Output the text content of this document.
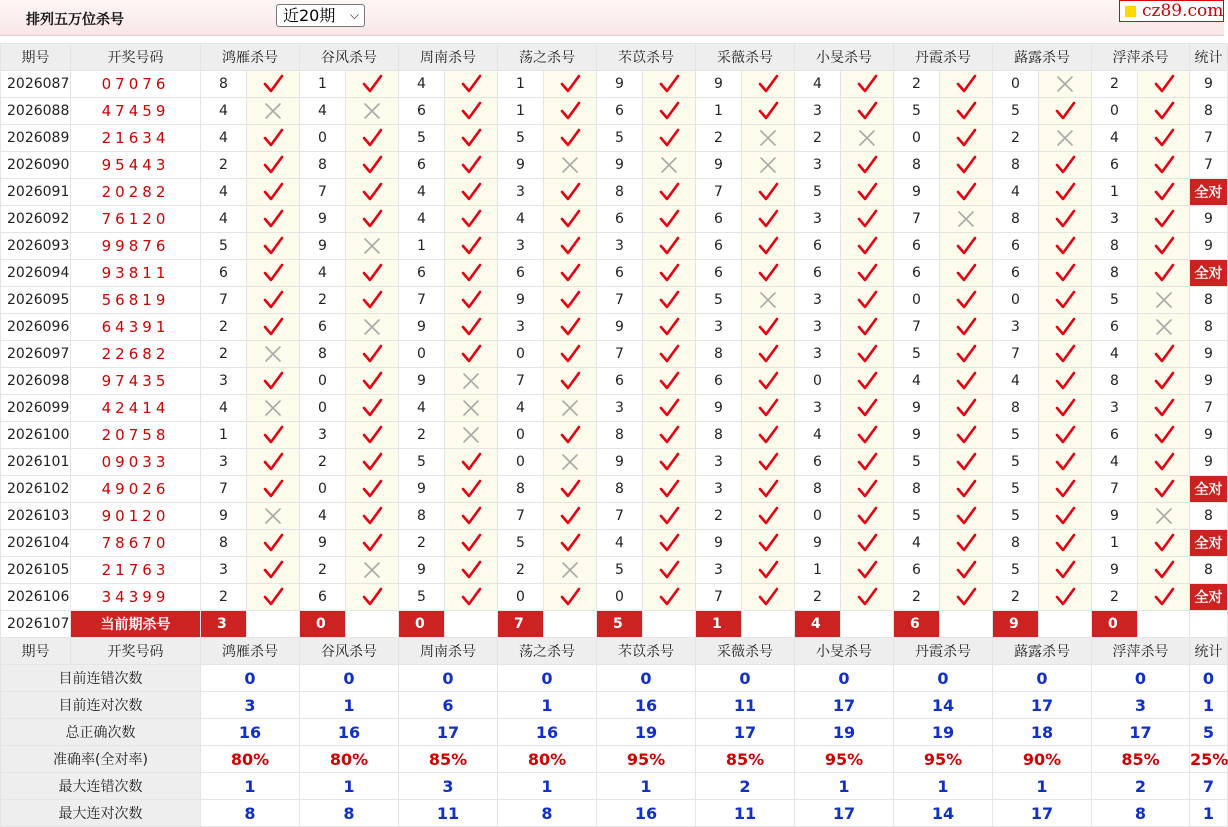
排列五万位杀号	近20期 ⌵	cz89.com
期号	开奖号码	鸿雁杀号		谷风杀号		周南杀号		荡之杀号		芣苡杀号		采薇杀号		小旻杀号		丹霞杀号		蕗露杀号		浮萍杀号		统计
2026087	07076	8		1		4		1		9		9		4		2		0		2		9
2026088	47459	4		4		6		1		6		1		3		5		5		0		8
2026089	21634	4		0		5		5		5		2		2		0		2		4		7
2026090	95443	2		8		6		9		9		9		3		8		8		6		7
2026091	20282	4		7		4		3		8		7		5		9		4		1		全对
2026092	76120	4		9		4		4		6		6		3		7		8		3		9
2026093	99876	5		9		1		3		3		6		6		6		6		8		9
2026094	93811	6		4		6		6		6		6		6		6		6		8		全对
2026095	56819	7		2		7		9		7		5		3		0		0		5		8
2026096	64391	2		6		9		3		9		3		3		7		3		6		8
2026097	22682	2		8		0		0		7		8		3		5		7		4		9
2026098	97435	3		0		9		7		6		6		0		4		4		8		9
2026099	42414	4		0		4		4		3		9		3		9		8		3		7
2026100	20758	1		3		2		0		8		8		4		9		5		6		9
2026101	09033	3		2		5		0		9		3		6		5		5		4		9
2026102	49026	7		0		9		8		8		3		8		8		5		7		全对
2026103	90120	9		4		8		7		7		2		0		5		5		9		8
2026104	78670	8		9		2		5		4		9		9		4		8		1		全对
2026105	21763	3		2		9		2		5		3		1		6		5		9		8
2026106	34399	2		6		5		0		0		7		2		2		2		2		全对
2026107	当前期杀号	3		0		0		7		5		1		4		6		9		0		
期号	开奖号码	鸿雁杀号		谷风杀号		周南杀号		荡之杀号		芣苡杀号		采薇杀号		小旻杀号		丹霞杀号		蕗露杀号		浮萍杀号		统计
目前连错次数		0		0		0		0		0		0		0		0		0		0		0
目前连对次数		3		1		6		1		16		11		17		14		17		3		1
总正确次数		16		16		17		16		19		17		19		19		18		17		5
准确率(全对率)		80%		80%		85%		80%		95%		85%		95%		95%		90%		85%		25%
最大连错次数		1		1		3		1		1		2		1		1		1		2		7
最大连对次数		8		8		11		8		16		11		17		14		17		8		1
